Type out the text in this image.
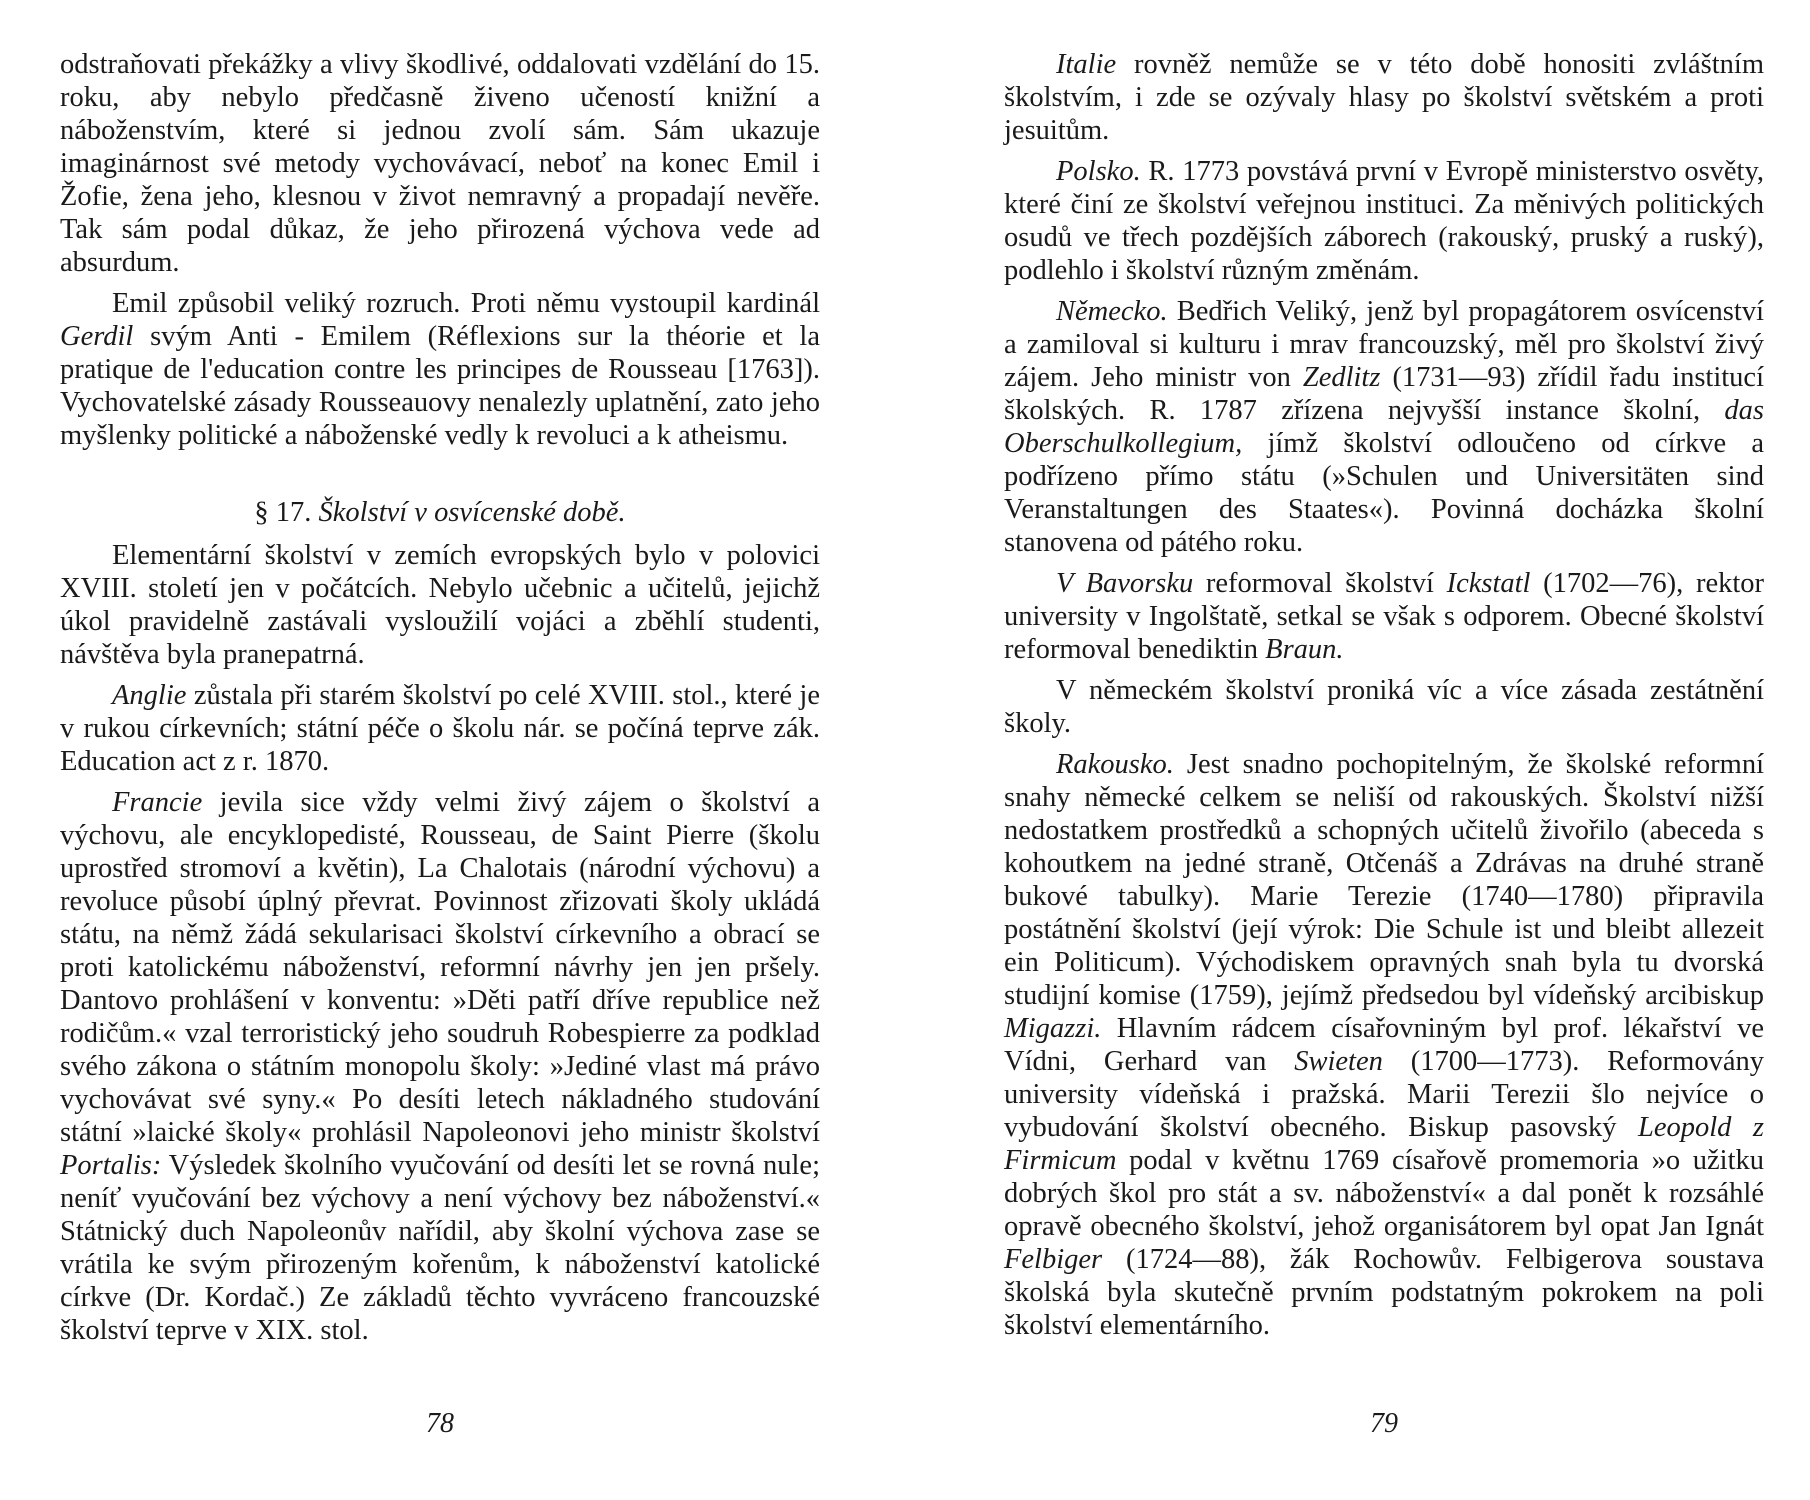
odstraňovati překážky a vlivy škodlivé, oddalovati vzdělání do 15. roku, aby nebylo předčasně živeno učeností knižní a náboženstvím, které si jednou zvolí sám. Sám ukazuje imaginárnost své metody vychovávací, neboť na konec Emil i Žofie, žena jeho, klesnou v život nemravný a propadají nevěře. Tak sám podal důkaz, že jeho přirozená výchova vede ad absurdum.

Emil způsobil veliký rozruch. Proti němu vystoupil kardinál Gerdil svým Anti - Emilem (Réflexions sur la théorie et la pratique de l'education contre les principes de Rousseau [1763]). Vychovatelské zásady Rousseauovy nenalezly uplatnění, zato jeho myšlenky politické a náboženské vedly k revoluci a k atheismu.

§ 17. Školství v osvícenské době.

Elementární školství v zemích evropských bylo v polovici XVIII. století jen v počátcích. Nebylo učebnic a učitelů, jejichž úkol pravidelně zastávali vysloužilí vojáci a zběhlí studenti, návštěva byla pranepatrná.

Anglie zůstala při starém školství po celé XVIII. stol., které je v rukou církevních; státní péče o školu nár. se počíná teprve zák. Education act z r. 1870.

Francie jevila sice vždy velmi živý zájem o školství a výchovu, ale encyklopedisté, Rousseau, de Saint Pierre (školu uprostřed stromoví a květin), La Chalotais (národní výchovu) a revoluce působí úplný převrat. Povinnost zřizovati školy ukládá státu, na němž žádá sekularisaci školství církevního a obrací se proti katolickému náboženství, reformní návrhy jen jen pršely. Dantovo prohlášení v konventu: »Děti patří dříve republice než rodičům.« vzal terroristický jeho soudruh Robespierre za podklad svého zákona o státním monopolu školy: »Jediné vlast má právo vychovávat své syny.« Po desíti letech nákladného studování státní »laické školy« prohlásil Napoleonovi jeho ministr školství Portalis: Výsledek školního vyučování od desíti let se rovná nule; neníť vyučování bez výchovy a není výchovy bez náboženství.« Státnický duch Napoleonův nařídil, aby školní výchova zase se vrátila ke svým přirozeným kořenům, k náboženství katolické církve (Dr. Kordač.) Ze základů těchto vyvráceno francouzské školství teprve v XIX. stol.

78

Italie rovněž nemůže se v této době honositi zvláštním školstvím, i zde se ozývaly hlasy po školství světském a proti jesuitům.

Polsko. R. 1773 povstává první v Evropě ministerstvo osvěty, které činí ze školství veřejnou instituci. Za měnivých politických osudů ve třech pozdějších záborech (rakouský, pruský a ruský), podlehlo i školství různým změnám.

Německo. Bedřich Veliký, jenž byl propagátorem osvícenství a zamiloval si kulturu i mrav francouzský, měl pro školství živý zájem. Jeho ministr von Zedlitz (1731—93) zřídil řadu institucí školských. R. 1787 zřízena nejvyšší instance školní, das Oberschulkollegium, jímž školství odloučeno od církve a podřízeno přímo státu (»Schulen und Universitäten sind Veranstaltungen des Staates«). Povinná docházka školní stanovena od pátého roku.

V Bavorsku reformoval školství Ickstatl (1702—76), rektor university v Ingolštatě, setkal se však s odporem. Obecné školství reformoval benediktin Braun.

V německém školství proniká víc a více zásada zestátnění školy.

Rakousko. Jest snadno pochopitelným, že školské reformní snahy německé celkem se neliší od rakouských. Školství nižší nedostatkem prostředků a schopných učitelů živořilo (abeceda s kohoutkem na jedné straně, Otčenáš a Zdrávas na druhé straně bukové tabulky). Marie Terezie (1740—1780) připravila postátnění školství (její výrok: Die Schule ist und bleibt allezeit ein Politicum). Východiskem opravných snah byla tu dvorská studijní komise (1759), jejímž předsedou byl vídeňský arcibiskup Migazzi. Hlavním rádcem císařovniným byl prof. lékařství ve Vídni, Gerhard van Swieten (1700—1773). Reformovány university vídeňská i pražská. Marii Terezii šlo nejvíce o vybudování školství obecného. Biskup pasovský Leopold z Firmicum podal v květnu 1769 císařově promemoria »o užitku dobrých škol pro stát a sv. náboženství« a dal ponět k rozsáhlé opravě obecného školství, jehož organisátorem byl opat Jan Ignát Felbiger (1724—88), žák Rochowův. Felbigerova soustava školská byla skutečně prvním podstatným pokrokem na poli školství elementárního.

79
